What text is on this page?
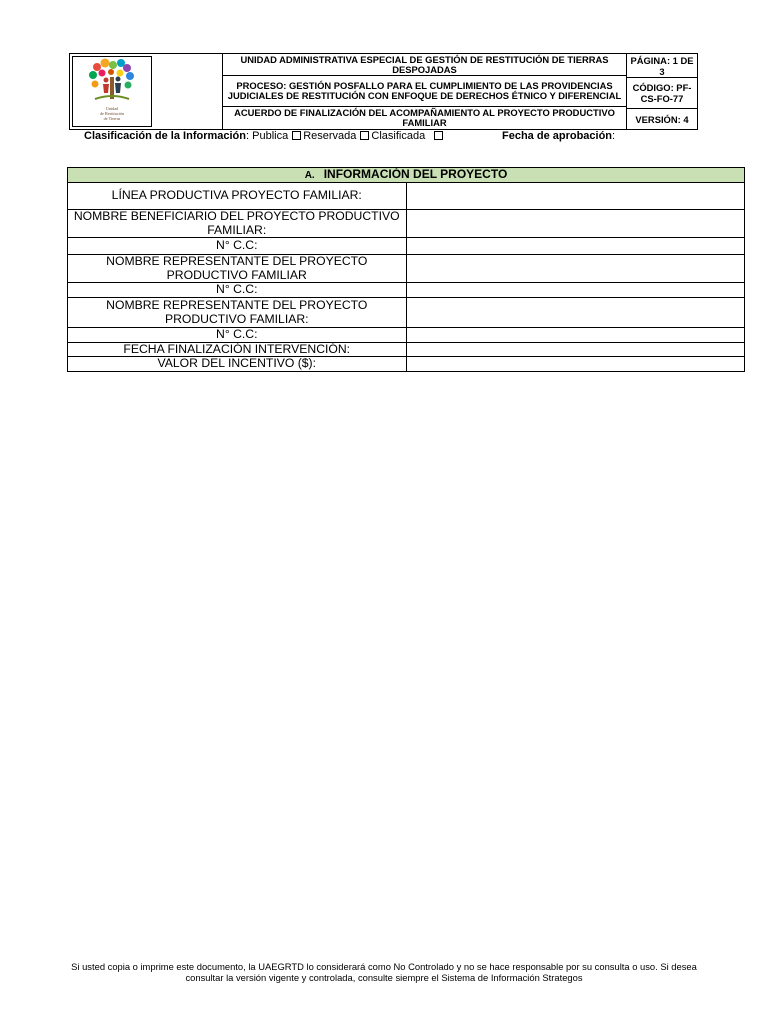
Unidad
de Restitución
de Tierras
UNIDAD ADMINISTRATIVA ESPECIAL DE GESTIÓN DE RESTITUCIÓN DE TIERRAS DESPOJADAS
PROCESO: GESTIÓN POSFALLO PARA EL CUMPLIMIENTO DE LAS PROVIDENCIAS JUDICIALES DE RESTITUCIÓN CON ENFOQUE DE DERECHOS ÉTNICO Y DIFERENCIAL
ACUERDO DE FINALIZACIÓN DEL ACOMPAÑAMIENTO AL PROYECTO PRODUCTIVO FAMILIAR
PÁGINA: 1 DE 3
CÓDIGO: PF-CS-FO-77
VERSIÓN: 4
Clasificación de la Información: Publica Reservada Clasificada	Fecha de aprobación:
A. INFORMACIÓN DEL PROYECTO	
LÍNEA PRODUCTIVA PROYECTO FAMILIAR:	
NOMBRE BENEFICIARIO DEL PROYECTO PRODUCTIVO FAMILIAR:	
N° C.C:	
NOMBRE REPRESENTANTE DEL PROYECTO PRODUCTIVO FAMILIAR	
N° C.C:	
NOMBRE REPRESENTANTE DEL PROYECTO PRODUCTIVO FAMILIAR:	
N° C.C:	
FECHA FINALIZACIÓN INTERVENCIÓN:	
VALOR DEL INCENTIVO ($):	
Si usted copia o imprime este documento, la UAEGRTD lo considerará como No Controlado y no se hace responsable por su consulta o uso. Si desea consultar la versión vigente y controlada, consulte siempre el Sistema de Información Strategos
